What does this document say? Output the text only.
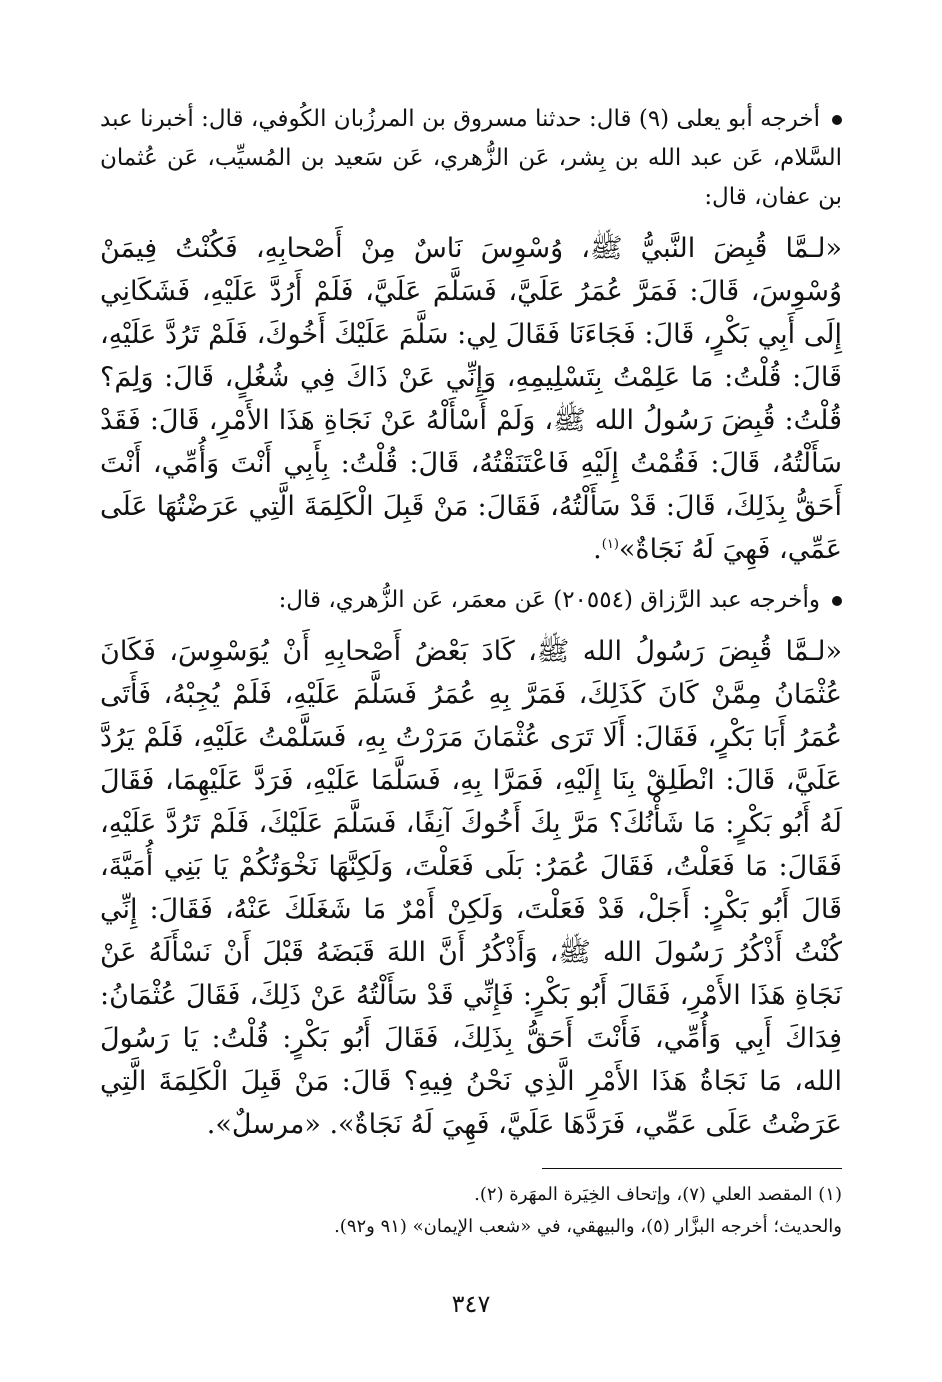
أخرجه أبو يعلى (٩) قال: حدثنا مسروق بن المرزُبان الكُوفي، قال: أخبرنا عبد السَّلام، عَن عبد الله بن بِشر، عَن الزُّهري، عَن سَعيد بن المُسيِّب، عَن عُثمان بن عفان، قال:

«لـمَّا قُبِضَ النَّبيُّ ﷺ، وُسْوِسَ نَاسٌ مِنْ أَصْحابِهِ، فَكُنْتُ فِيمَنْ وُسْوِسَ، قَالَ: فَمَرَّ عُمَرُ عَلَيَّ، فَسَلَّمَ عَلَيَّ، فَلَمْ أَرُدَّ عَلَيْهِ، فَشَكَانِي إِلَى أَبِي بَكْرٍ، قَالَ: فَجَاءَنَا فَقَالَ لِي: سَلَّمَ عَلَيْكَ أَخُوكَ، فَلَمْ تَرُدَّ عَلَيْهِ، قَالَ: قُلْتُ: مَا عَلِمْتُ بِتَسْلِيمِهِ، وَإِنِّي عَنْ ذَاكَ فِي شُغُلٍ، قَالَ: وَلِمَ؟ قُلْتُ: قُبِضَ رَسُولُ الله ﷺ، وَلَمْ أَسْأَلْهُ عَنْ نَجَاةِ هَذَا الأَمْرِ، قَالَ: فَقَدْ سَأَلْتُهُ، قَالَ: فَقُمْتُ إِلَيْهِ فَاعْتَنَقْتُهُ، قَالَ: قُلْتُ: بِأَبِي أَنْتَ وَأُمِّي، أَنْتَ أَحَقُّ بِذَلِكَ، قَالَ: قَدْ سَأَلْتُهُ، فَقَالَ: مَنْ قَبِلَ الْكَلِمَةَ الَّتِي عَرَضْتُهَا عَلَى عَمِّي، فَهِيَ لَهُ نَجَاةٌ»$^{(١)}$.

وأخرجه عبد الرَّزاق (٢٠٥٥٤) عَن معمَر، عَن الزُّهري، قال:

«لـمَّا قُبِضَ رَسُولُ الله ﷺ، كَادَ بَعْضُ أَصْحابِهِ أَنْ يُوَسْوِسَ، فَكَانَ عُثْمَانُ مِمَّنْ كَانَ كَذَلِكَ، فَمَرَّ بِهِ عُمَرُ فَسَلَّمَ عَلَيْهِ، فَلَمْ يُجِبْهُ، فَأَتَى عُمَرُ أَبَا بَكْرٍ، فَقَالَ: أَلَا تَرَى عُثْمَانَ مَرَرْتُ بِهِ، فَسَلَّمْتُ عَلَيْهِ، فَلَمْ يَرُدَّ عَلَيَّ، قَالَ: انْطَلِقْ بِنَا إِلَيْهِ، فَمَرَّا بِهِ، فَسَلَّمَا عَلَيْهِ، فَرَدَّ عَلَيْهِمَا، فَقَالَ لَهُ أَبُو بَكْرٍ: مَا شَأْنُكَ؟ مَرَّ بِكَ أَخُوكَ آنِفًا، فَسَلَّمَ عَلَيْكَ، فَلَمْ تَرُدَّ عَلَيْهِ، فَقَالَ: مَا فَعَلْتُ، فَقَالَ عُمَرُ: بَلَى فَعَلْتَ، وَلَكِنَّهَا نَخْوَتُكُمْ يَا بَنِي أُمَيَّةَ، قَالَ أَبُو بَكْرٍ: أَجَلْ، قَدْ فَعَلْتَ، وَلَكِنْ أَمْرٌ مَا شَغَلَكَ عَنْهُ، فَقَالَ: إِنِّي كُنْتُ أَذْكُرُ رَسُولَ الله ﷺ، وَأَذْكُرُ أَنَّ اللهَ قَبَضَهُ قَبْلَ أَنْ نَسْأَلَهُ عَنْ نَجَاةِ هَذَا الأَمْرِ، فَقَالَ أَبُو بَكْرٍ: فَإِنِّي قَدْ سَأَلْتُهُ عَنْ ذَلِكَ، فَقَالَ عُثْمَانُ: فِدَاكَ أَبِي وَأُمِّي، فَأَنْتَ أَحَقُّ بِذَلِكَ، فَقَالَ أَبُو بَكْرٍ: قُلْتُ: يَا رَسُولَ الله، مَا نَجَاةُ هَذَا الأَمْرِ الَّذِي نَحْنُ فِيهِ؟ قَالَ: مَنْ قَبِلَ الْكَلِمَةَ الَّتِي عَرَضْتُ عَلَى عَمِّي، فَرَدَّهَا عَلَيَّ، فَهِيَ لَهُ نَجَاةٌ». «مرسلٌ».

(١) المقصد العلي (٧)، وإتحاف الخِيَرة المهَرة (٢).
والحديث؛ أخرجه البزَّار (٥)، والبيهقي، في «شعب الإيمان» (٩١ و٩٢).
٣٤٧
